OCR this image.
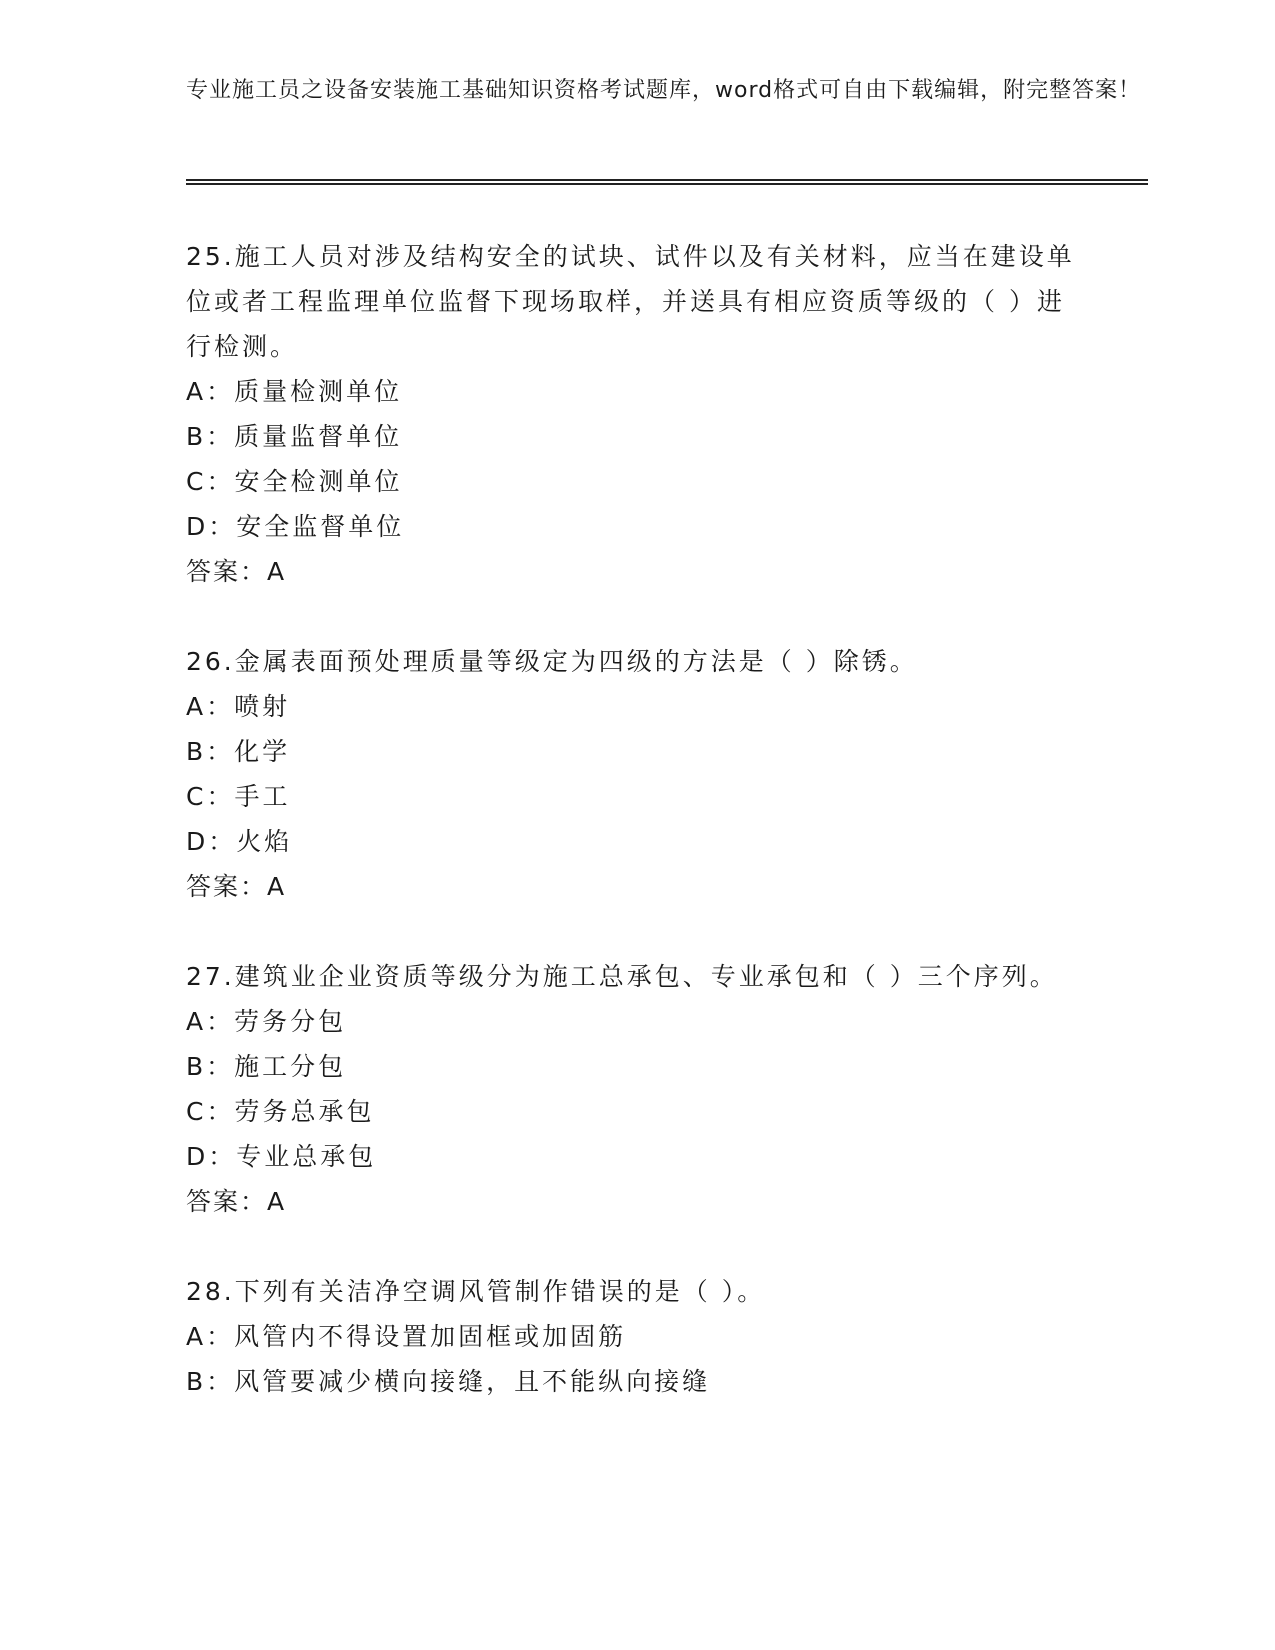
专业施工员之设备安装施工基础知识资格考试题库，word格式可自由下载编辑，附完整答案！

25.施工人员对涉及结构安全的试块、试件以及有关材料，应当在建设单位或者工程监理单位监督下现场取样，并送具有相应资质等级的（ ）进行检测。

A：质量检测单位

B：质量监督单位

C：安全检测单位

D：安全监督单位

答案：A

26.金属表面预处理质量等级定为四级的方法是（ ）除锈。

A：喷射

B：化学

C：手工

D：火焰

答案：A

27.建筑业企业资质等级分为施工总承包、专业承包和（ ）三个序列。

A：劳务分包

B：施工分包

C：劳务总承包

D：专业总承包

答案：A

28.下列有关洁净空调风管制作错误的是（ ）。

A：风管内不得设置加固框或加固筋

B：风管要减少横向接缝，且不能纵向接缝
